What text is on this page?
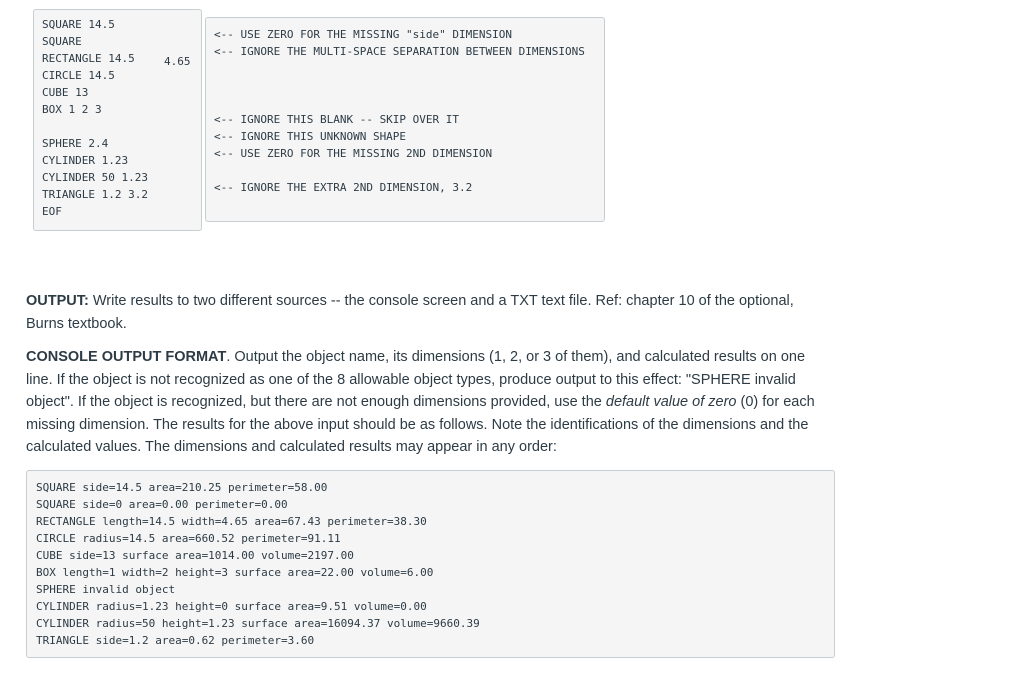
SQUARE 14.5
SQUARE
RECTANGLE 14.5	4.65
CIRCLE 14.5
CUBE 13
BOX 1 2 3
SPHERE 2.4
CYLINDER 1.23
CYLINDER 50 1.23
TRIANGLE 1.2 3.2
EOF
<-- USE ZERO FOR THE MISSING "side" DIMENSION
<-- IGNORE THE MULTI-SPACE SEPARATION BETWEEN DIMENSIONS
<-- IGNORE THIS BLANK -- SKIP OVER IT
<-- IGNORE THIS UNKNOWN SHAPE
<-- USE ZERO FOR THE MISSING 2ND DIMENSION
<-- IGNORE THE EXTRA 2ND DIMENSION, 3.2

OUTPUT: Write results to two different sources -- the console screen and a TXT text file. Ref: chapter 10 of the optional, Burns textbook.

CONSOLE OUTPUT FORMAT. Output the object name, its dimensions (1, 2, or 3 of them), and calculated results on one line. If the object is not recognized as one of the 8 allowable object types, produce output to this effect: "SPHERE invalid object". If the object is recognized, but there are not enough dimensions provided, use the default value of zero (0) for each missing dimension. The results for the above input should be as follows. Note the identifications of the dimensions and the calculated values. The dimensions and calculated results may appear in any order:

SQUARE side=14.5 area=210.25 perimeter=58.00
SQUARE side=0 area=0.00 perimeter=0.00
RECTANGLE length=14.5 width=4.65 area=67.43 perimeter=38.30
CIRCLE radius=14.5 area=660.52 perimeter=91.11
CUBE side=13 surface area=1014.00 volume=2197.00
BOX length=1 width=2 height=3 surface area=22.00 volume=6.00
SPHERE invalid object
CYLINDER radius=1.23 height=0 surface area=9.51 volume=0.00
CYLINDER radius=50 height=1.23 surface area=16094.37 volume=9660.39
TRIANGLE side=1.2 area=0.62 perimeter=3.60
